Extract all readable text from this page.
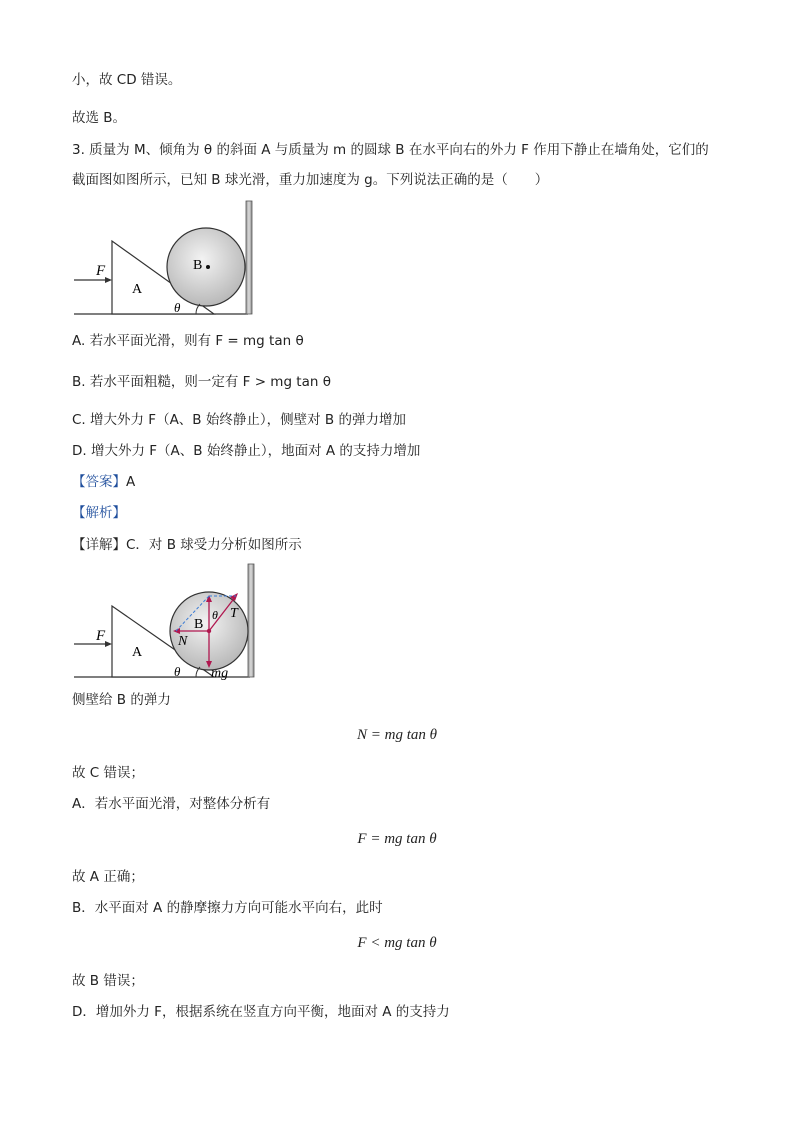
小，故 CD 错误。
故选 B。
3. 质量为 M、倾角为 θ 的斜面 A 与质量为 m 的圆球 B 在水平向右的外力 F 作用下静止在墙角处，它们的
截面图如图所示，已知 B 球光滑，重力加速度为 g。下列说法正确的是（　　）
F
A
B
θ
A. 若水平面光滑，则有 F = mg tan θ
B. 若水平面粗糙，则一定有 F > mg tan θ
C. 增大外力 F（A、B 始终静止），侧壁对 B 的弹力增加
D. 增大外力 F（A、B 始终静止），地面对 A 的支持力增加
【答案】A
【解析】
【详解】C．对 B 球受力分析如图所示
F
A
B
θ
θ
N
T
mg
侧壁给 B 的弹力
N = mg tan θ
故 C 错误；
A．若水平面光滑，对整体分析有
F = mg tan θ
故 A 正确；
B．水平面对 A 的静摩擦力方向可能水平向右，此时
F < mg tan θ
故 B 错误；
D．增加外力 F，根据系统在竖直方向平衡，地面对 A 的支持力
